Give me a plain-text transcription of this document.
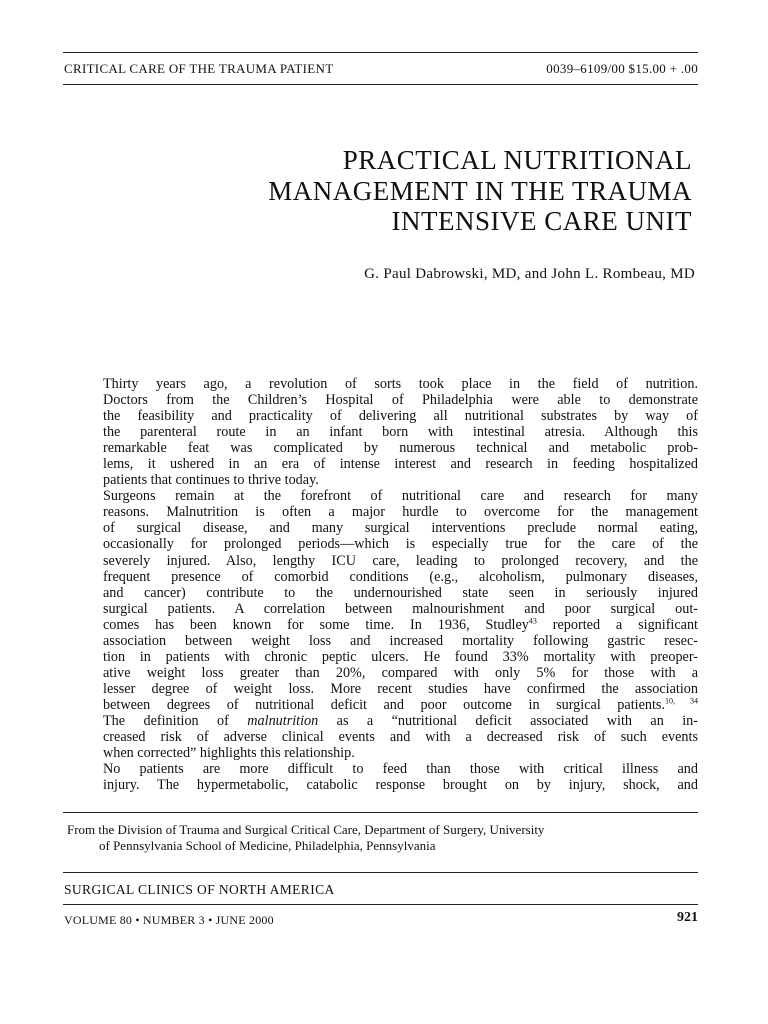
CRITICAL CARE OF THE TRAUMA PATIENT	0039–6109/00 $15.00 + .00
PRACTICAL NUTRITIONAL
MANAGEMENT IN THE TRAUMA
INTENSIVE CARE UNIT
G. Paul Dabrowski, MD, and John L. Rombeau, MD

Thirty years ago, a revolution of sorts took place in the field of nutrition.
Doctors from the Children’s Hospital of Philadelphia were able to demonstrate
the feasibility and practicality of delivering all nutritional substrates by way of
the parenteral route in an infant born with intestinal atresia. Although this
remarkable feat was complicated by numerous technical and metabolic prob-
lems, it ushered in an era of intense interest and research in feeding hospitalized
patients that continues to thrive today.

Surgeons remain at the forefront of nutritional care and research for many
reasons. Malnutrition is often a major hurdle to overcome for the management
of surgical disease, and many surgical interventions preclude normal eating,
occasionally for prolonged periods—which is especially true for the care of the
severely injured. Also, lengthy ICU care, leading to prolonged recovery, and the
frequent presence of comorbid conditions (e.g., alcoholism, pulmonary diseases,
and cancer) contribute to the undernourished state seen in seriously injured
surgical patients. A correlation between malnourishment and poor surgical out-
comes has been known for some time. In 1936, Studley$^{43}$ reported a significant
association between weight loss and increased mortality following gastric resec-
tion in patients with chronic peptic ulcers. He found 33% mortality with preoper-
ative weight loss greater than 20%, compared with only 5% for those with a
lesser degree of weight loss. More recent studies have confirmed the association
between degrees of nutritional deficit and poor outcome in surgical patients.$^{10, 34}$
The definition of malnutrition as a “nutritional deficit associated with an in-
creased risk of adverse clinical events and with a decreased risk of such events
when corrected” highlights this relationship.

No patients are more difficult to feed than those with critical illness and
injury. The hypermetabolic, catabolic response brought on by injury, shock, and

From the Division of Trauma and Surgical Critical Care, Department of Surgery, University
of Pennsylvania School of Medicine, Philadelphia, Pennsylvania
SURGICAL CLINICS OF NORTH AMERICA
VOLUME 80 • NUMBER 3 • JUNE 2000	921
